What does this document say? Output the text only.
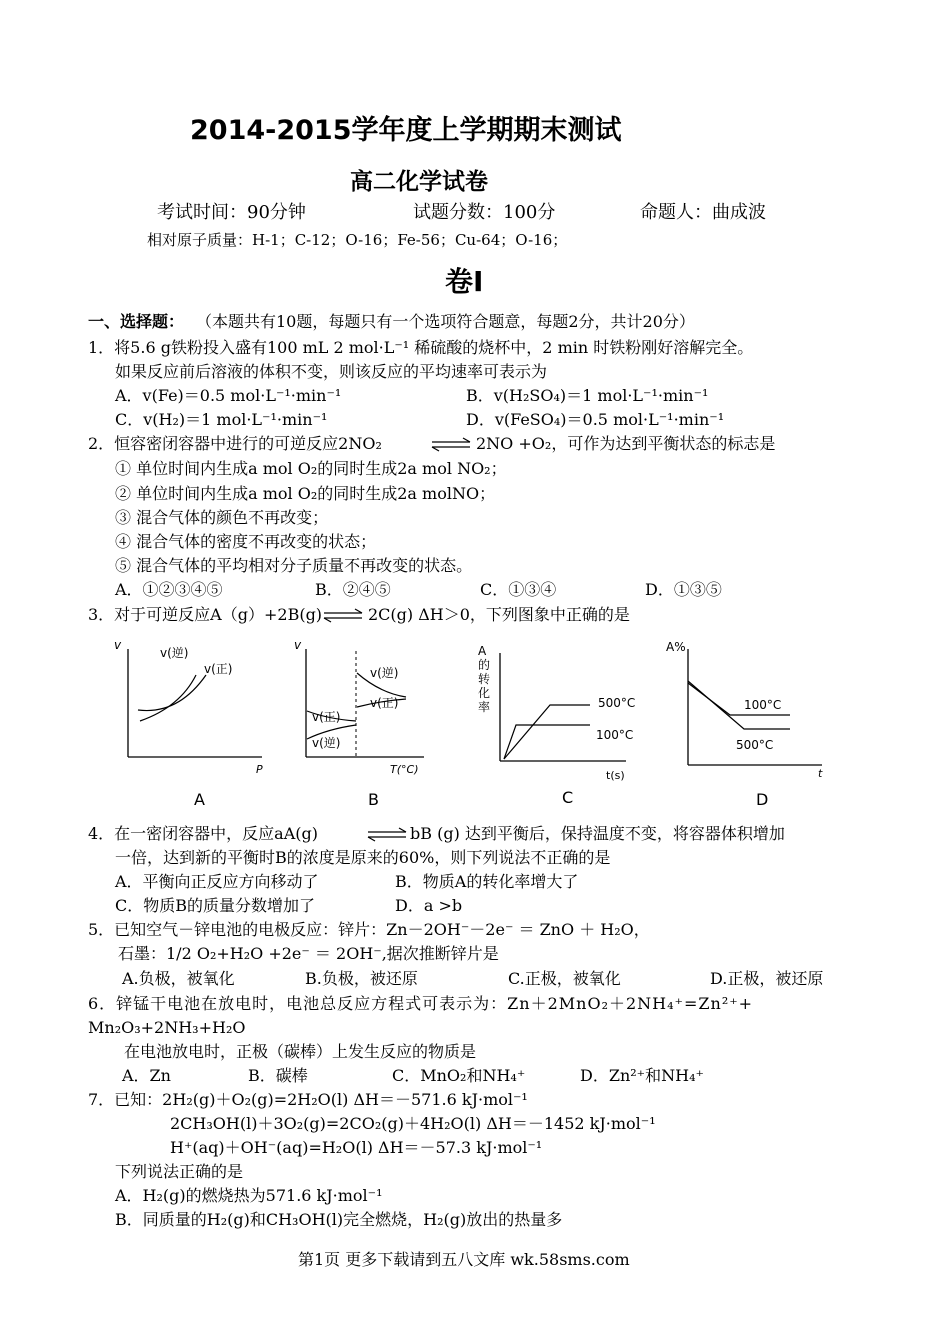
2014-2015学年度上学期期末测试
高二化学试卷
考试时间：90分钟	试题分数：100分	命题人：曲成波
相对原子质量：H-1；C-12；O-16；Fe-56；Cu-64；O-16；
卷Ⅰ
一、选择题： （本题共有10题，每题只有一个选项符合题意，每题2分，共计20分）
1．将5.6 g铁粉投入盛有100 mL 2 mol·L⁻¹ 稀硫酸的烧杯中，2 min 时铁粉刚好溶解完全。
如果反应前后溶液的体积不变，则该反应的平均速率可表示为
A．v(Fe)＝0.5 mol·L⁻¹·min⁻¹	B．v(H₂SO₄)＝1 mol·L⁻¹·min⁻¹
C．v(H₂)＝1 mol·L⁻¹·min⁻¹	D．v(FeSO₄)＝0.5 mol·L⁻¹·min⁻¹
2．恒容密闭容器中进行的可逆反应2NO₂	⇌ 2NO +O₂，可作为达到平衡状态的标志是
① 单位时间内生成a mol O₂的同时生成2a mol NO₂；
② 单位时间内生成a mol O₂的同时生成2a molNO；
③ 混合气体的颜色不再改变；
④ 混合气体的密度不再改变的状态；
⑤ 混合气体的平均相对分子质量不再改变的状态。
A．①②③④⑤	B．②④⑤	C．①③④	D．①③⑤
3．对于可逆反应A（g）+2B(g) ⇌ 2C(g) ΔH＞0，下列图象中正确的是
v
P
v(逆)
v(正)
A
v
T(°C)
v(逆)
v(正)
v(正)
v(逆)
B
A
的
转
化
率
t(s)
500°C
100°C
C
A%
t
100°C
500°C
D
4．在一密闭容器中，反应aA(g)	⇌ bB (g) 达到平衡后，保持温度不变，将容器体积增加
一倍，达到新的平衡时B的浓度是原来的60%，则下列说法不正确的是
A．平衡向正反应方向移动了	B．物质A的转化率增大了
C．物质B的质量分数增加了	D．a >b
5．已知空气－锌电池的电极反应：锌片：Zn－2OH⁻－2e⁻ ＝ ZnO ＋ H₂O，
石墨：1/2 O₂+H₂O +2e⁻ ＝ 2OH⁻,据次推断锌片是
A.负极，被氧化	B.负极，被还原	C.正极，被氧化	D.正极，被还原
6．锌锰干电池在放电时，电池总反应方程式可表示为：Zn＋2MnO₂＋2NH₄⁺=Zn²⁺+
Mn₂O₃+2NH₃+H₂O
在电池放电时，正极（碳棒）上发生反应的物质是
A．Zn	B．碳棒	C．MnO₂和NH₄⁺	D．Zn²⁺和NH₄⁺
7．已知：2H₂(g)＋O₂(g)=2H₂O(l) ΔH＝－571.6 kJ·mol⁻¹
2CH₃OH(l)＋3O₂(g)=2CO₂(g)＋4H₂O(l) ΔH＝－1452 kJ·mol⁻¹
H⁺(aq)＋OH⁻(aq)=H₂O(l) ΔH＝－57.3 kJ·mol⁻¹
下列说法正确的是
A．H₂(g)的燃烧热为571.6 kJ·mol⁻¹
B．同质量的H₂(g)和CH₃OH(l)完全燃烧，H₂(g)放出的热量多
第1页 更多下载请到五八文库 wk.58sms.com
